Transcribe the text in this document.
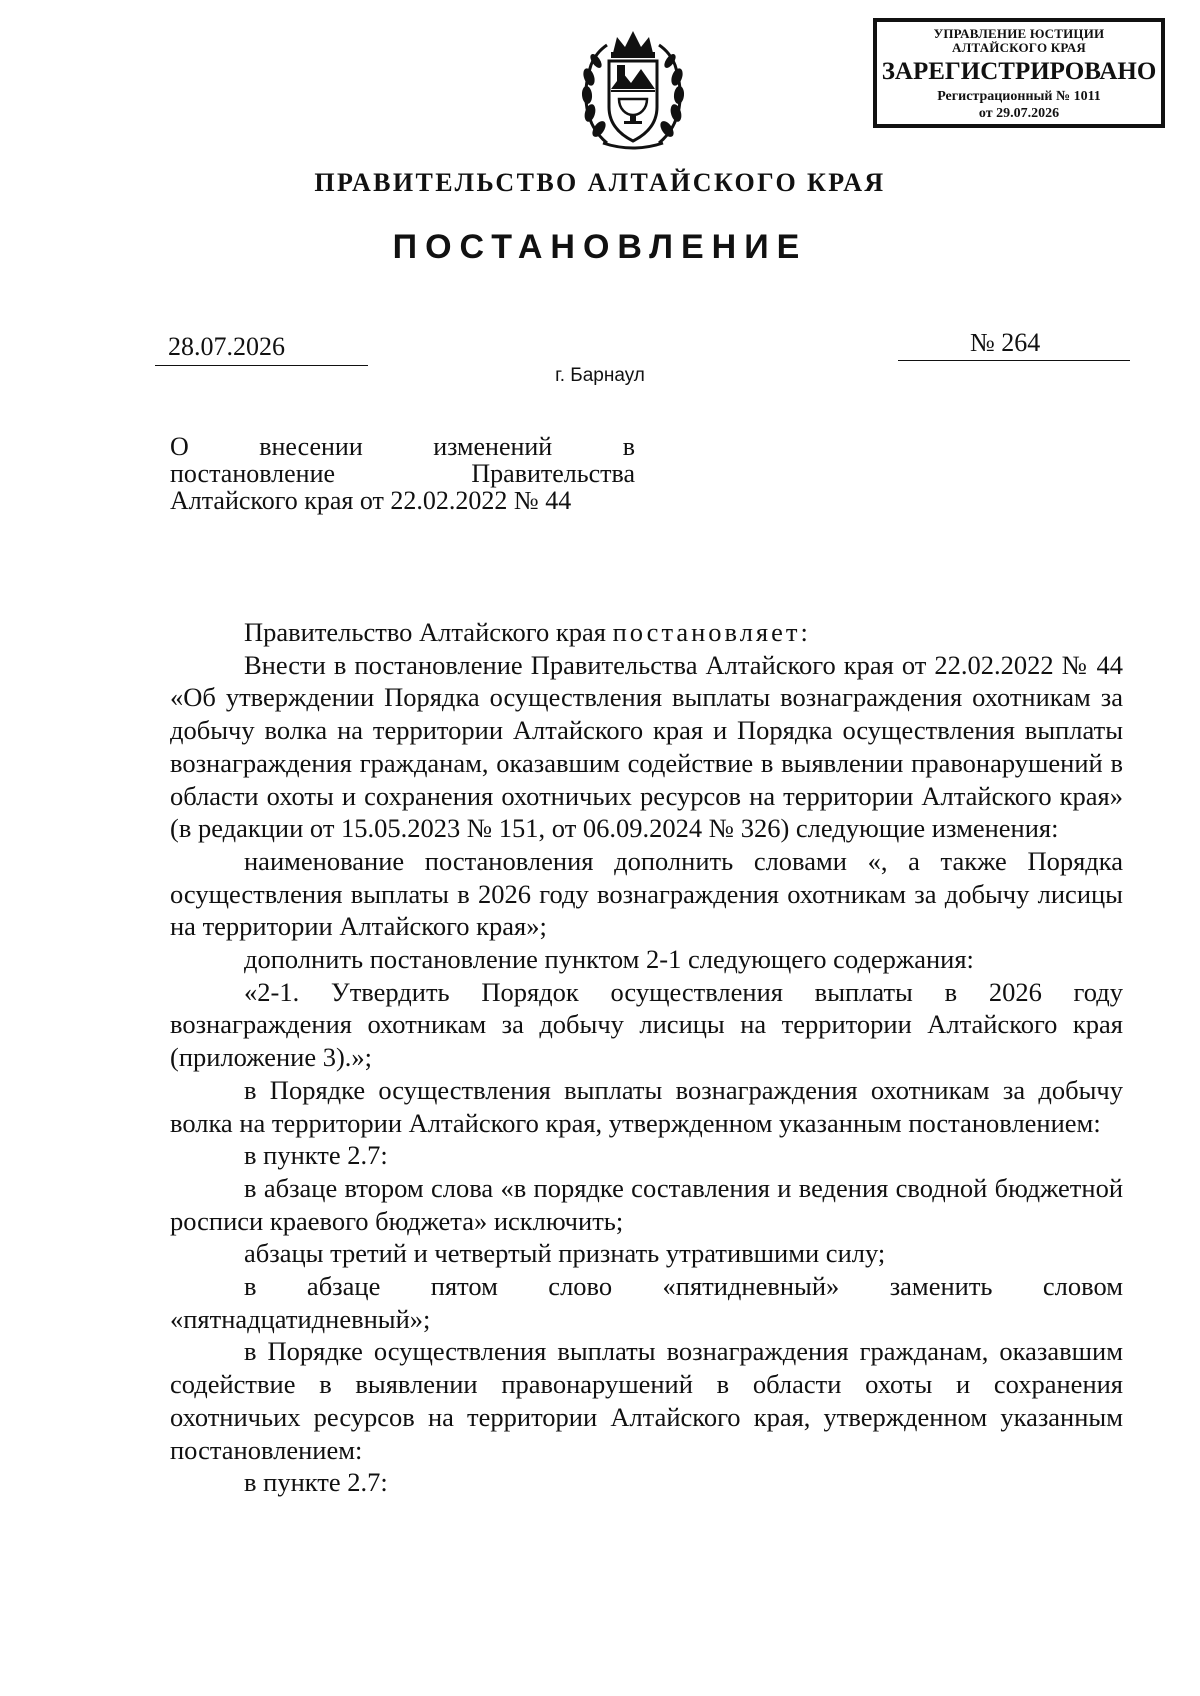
УПРАВЛЕНИЕ ЮСТИЦИИ
АЛТАЙСКОГО КРАЯ
ЗАРЕГИСТРИРОВАНО
Регистрационный № 1011
от 29.07.2026
ПРАВИТЕЛЬСТВО АЛТАЙСКОГО КРАЯ
ПОСТАНОВЛЕНИЕ
28.07.2026	№ 264
г. Барнаул
О	внесении	изменений	в
постановление	Правительства
Алтайского края от 22.02.2022 № 44

Правительство Алтайского края постановляет:

Внести в постановление Правительства Алтайского края от 22.02.2022 № 44 «Об утверждении Порядка осуществления выплаты вознаграждения охотникам за добычу волка на территории Алтайского края и Порядка осуществления выплаты вознаграждения гражданам, оказавшим содействие в выявлении правонарушений в области охоты и сохранения охотничьих ресурсов на территории Алтайского края» (в редакции от 15.05.2023 № 151, от 06.09.2024 № 326) следующие изменения:

наименование постановления дополнить словами «, а также Порядка осуществления выплаты в 2026 году вознаграждения охотникам за добычу лисицы на территории Алтайского края»;

дополнить постановление пунктом 2-1 следующего содержания:

«2-1. Утвердить Порядок осуществления выплаты в 2026 году вознаграждения охотникам за добычу лисицы на территории Алтайского края (приложение 3).»;

в Порядке осуществления выплаты вознаграждения охотникам за добычу волка на территории Алтайского края, утвержденном указанным постановлением:

в пункте 2.7:

в абзаце втором слова «в порядке составления и ведения сводной бюджетной росписи краевого бюджета» исключить;

абзацы третий и четвертый признать утратившими силу;

в абзаце пятом слово «пятидневный» заменить словом «пятнадцатидневный»;

в Порядке осуществления выплаты вознаграждения гражданам, оказавшим содействие в выявлении правонарушений в области охоты и сохранения охотничьих ресурсов на территории Алтайского края, утвержденном указанным постановлением:

в пункте 2.7:
